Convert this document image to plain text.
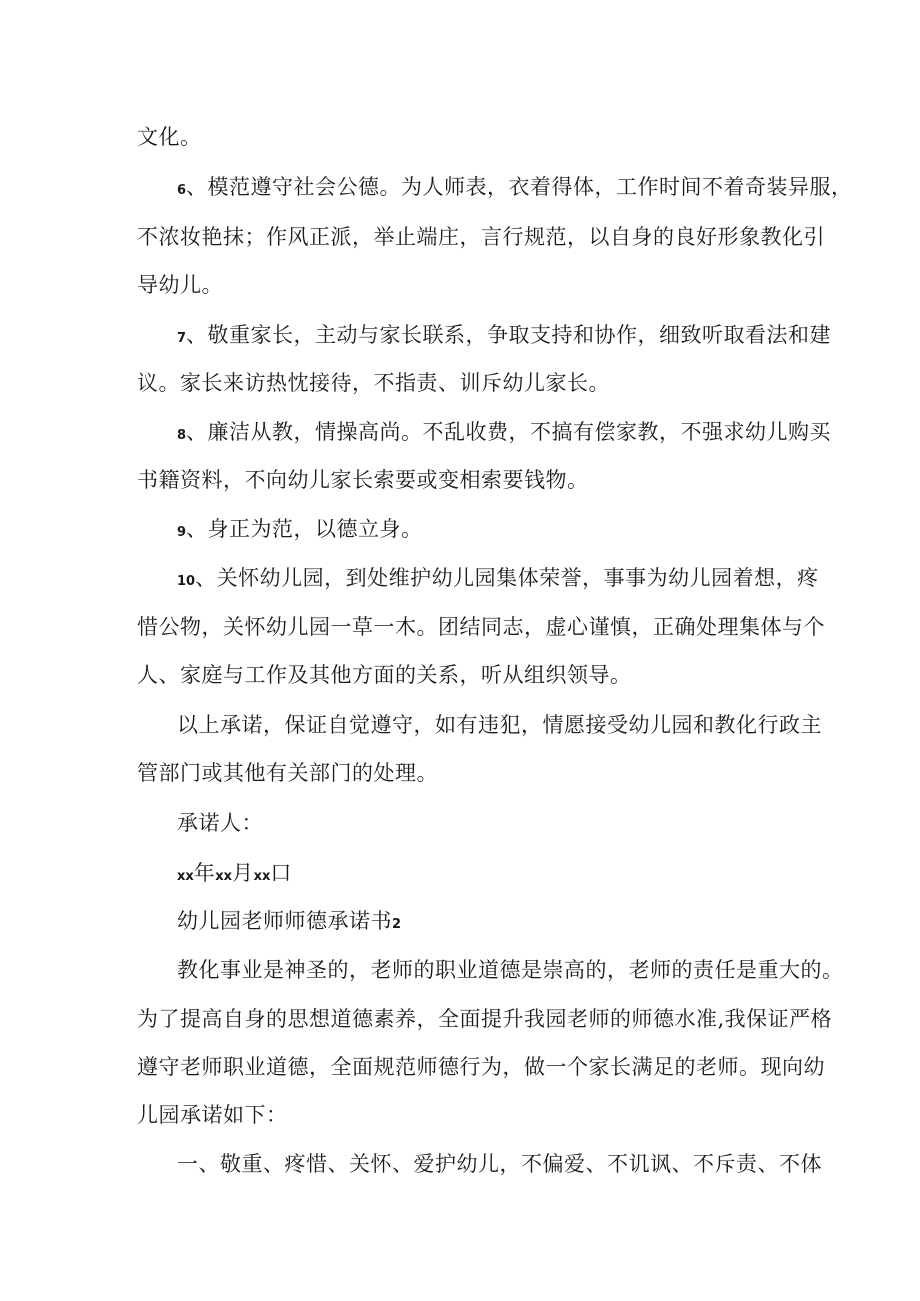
文化。
6、模范遵守社会公德。为人师表，衣着得体，工作时间不着奇装异服，
不浓妆艳抹；作风正派，举止端庄，言行规范，以自身的良好形象教化引
导幼儿。
7、敬重家长，主动与家长联系，争取支持和协作，细致听取看法和建
议。家长来访热忱接待，不指责、训斥幼儿家长。
8、廉洁从教，情操高尚。不乱收费，不搞有偿家教，不强求幼儿购买
书籍资料，不向幼儿家长索要或变相索要钱物。
9、身正为范，以德立身。
10、关怀幼儿园，到处维护幼儿园集体荣誉，事事为幼儿园着想，疼
惜公物，关怀幼儿园一草一木。团结同志，虚心谨慎，正确处理集体与个
人、家庭与工作及其他方面的关系，听从组织领导。
以上承诺，保证自觉遵守，如有违犯，情愿接受幼儿园和教化行政主
管部门或其他有关部门的处理。
承诺人：
xx年xx月xx口
幼儿园老师师德承诺书2
教化事业是神圣的，老师的职业道德是崇高的，老师的责任是重大的。
为了提高自身的思想道德素养，全面提升我园老师的师德水准,我保证严格
遵守老师职业道德，全面规范师德行为，做一个家长满足的老师。现向幼
儿园承诺如下：
一、敬重、疼惜、关怀、爱护幼儿，不偏爱、不讥讽、不斥责、不体
